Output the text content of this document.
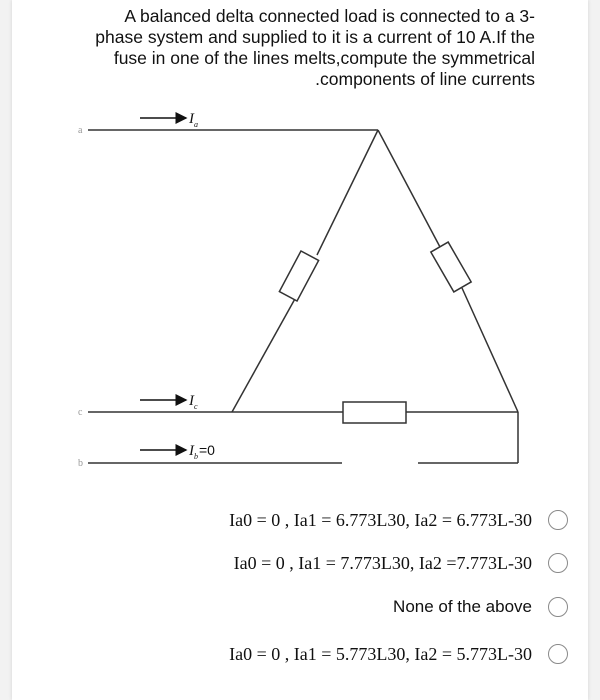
A balanced delta connected load is connected to a 3-
phase system and supplied to it is a current of 10 A.If the
fuse in one of the lines melts,compute the symmetrical
.components of line currents
a
$I_a$
c
$I_c$
b
$I_b=0$
Ia0 = 0 , Ia1 = 6.773L30, Ia2 = 6.773L-30
Ia0 = 0 , Ia1 = 7.773L30, Ia2 =7.773L-30
None of the above
Ia0 = 0 , Ia1 = 5.773L30, Ia2 = 5.773L-30
